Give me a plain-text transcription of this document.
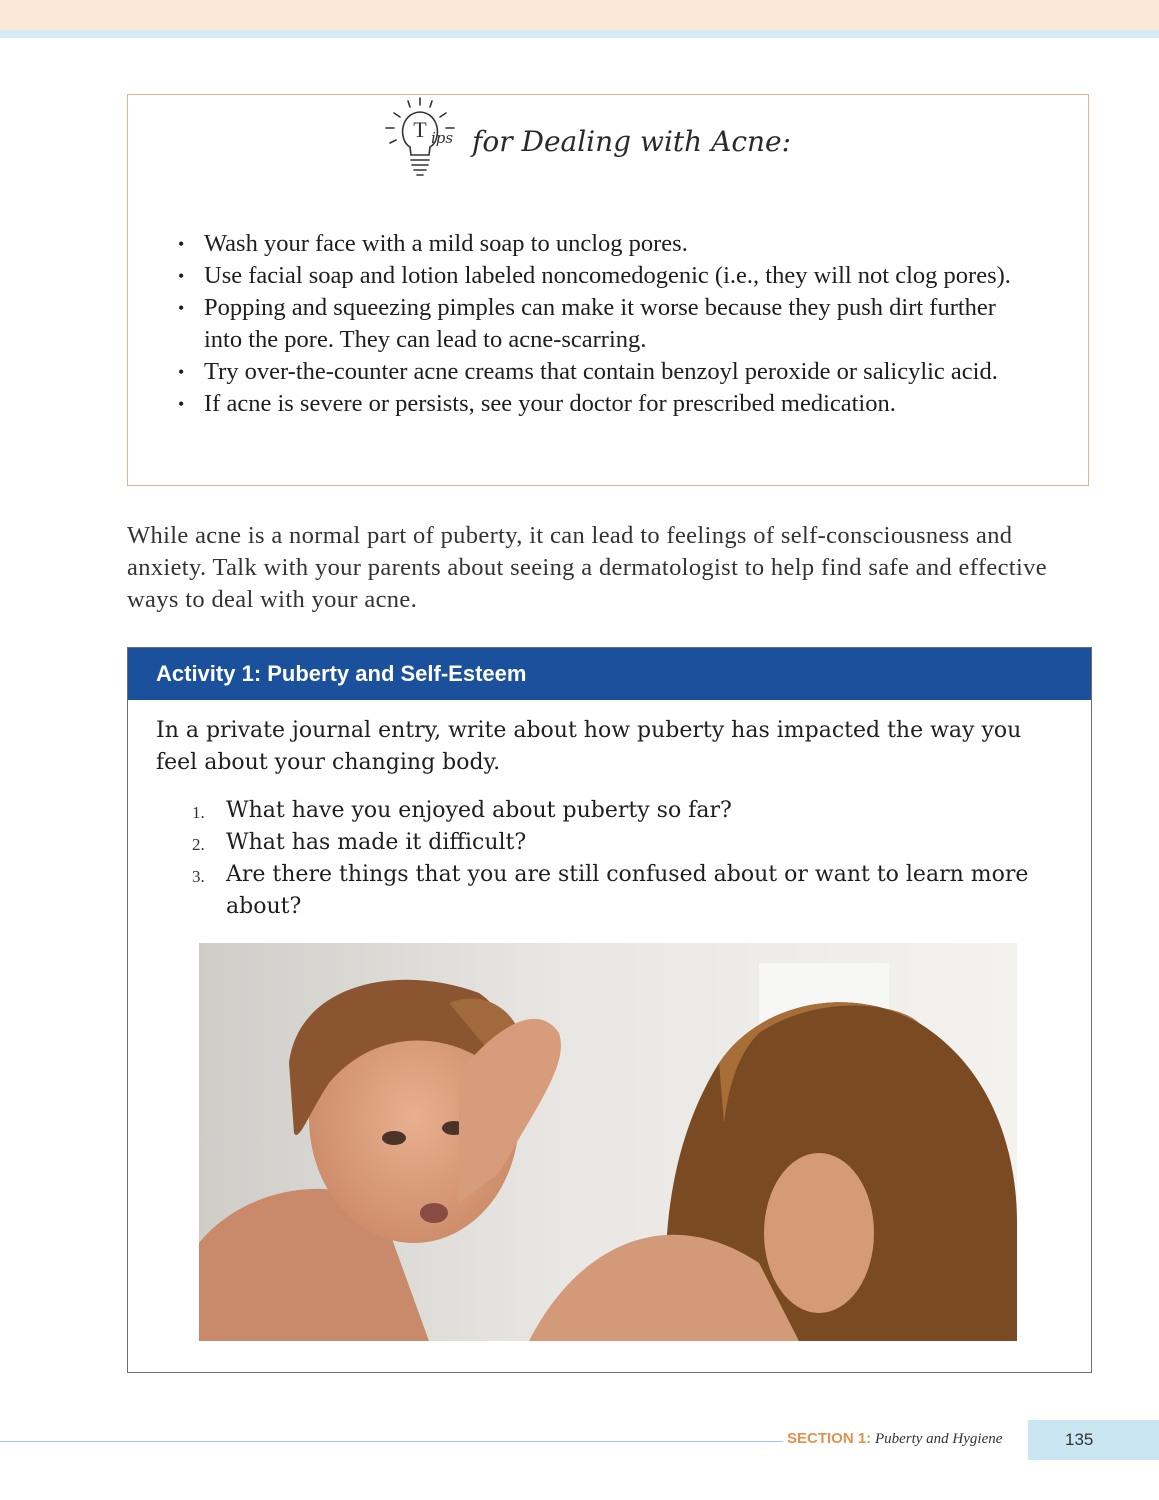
T ips for Dealing with Acne:
• Wash your face with a mild soap to unclog pores.
• Use facial soap and lotion labeled noncomedogenic (i.e., they will not clog pores).
• Popping and squeezing pimples can make it worse because they push dirt further
into the pore. They can lead to acne-scarring.
• Try over-the-counter acne creams that contain benzoyl peroxide or salicylic acid.
• If acne is severe or persists, see your doctor for prescribed medication.

While acne is a normal part of puberty, it can lead to feelings of self-consciousness and anxiety. Talk with your parents about seeing a dermatologist to help find safe and effective ways to deal with your acne.

Activity 1: Puberty and Self-Esteem

In a private journal entry, write about how puberty has impacted the way you feel about your changing body.

1. What have you enjoyed about puberty so far?
2. What has made it difficult?
3. Are there things that you are still confused about or want to learn more about?
SECTION 1: Puberty and Hygiene	135
